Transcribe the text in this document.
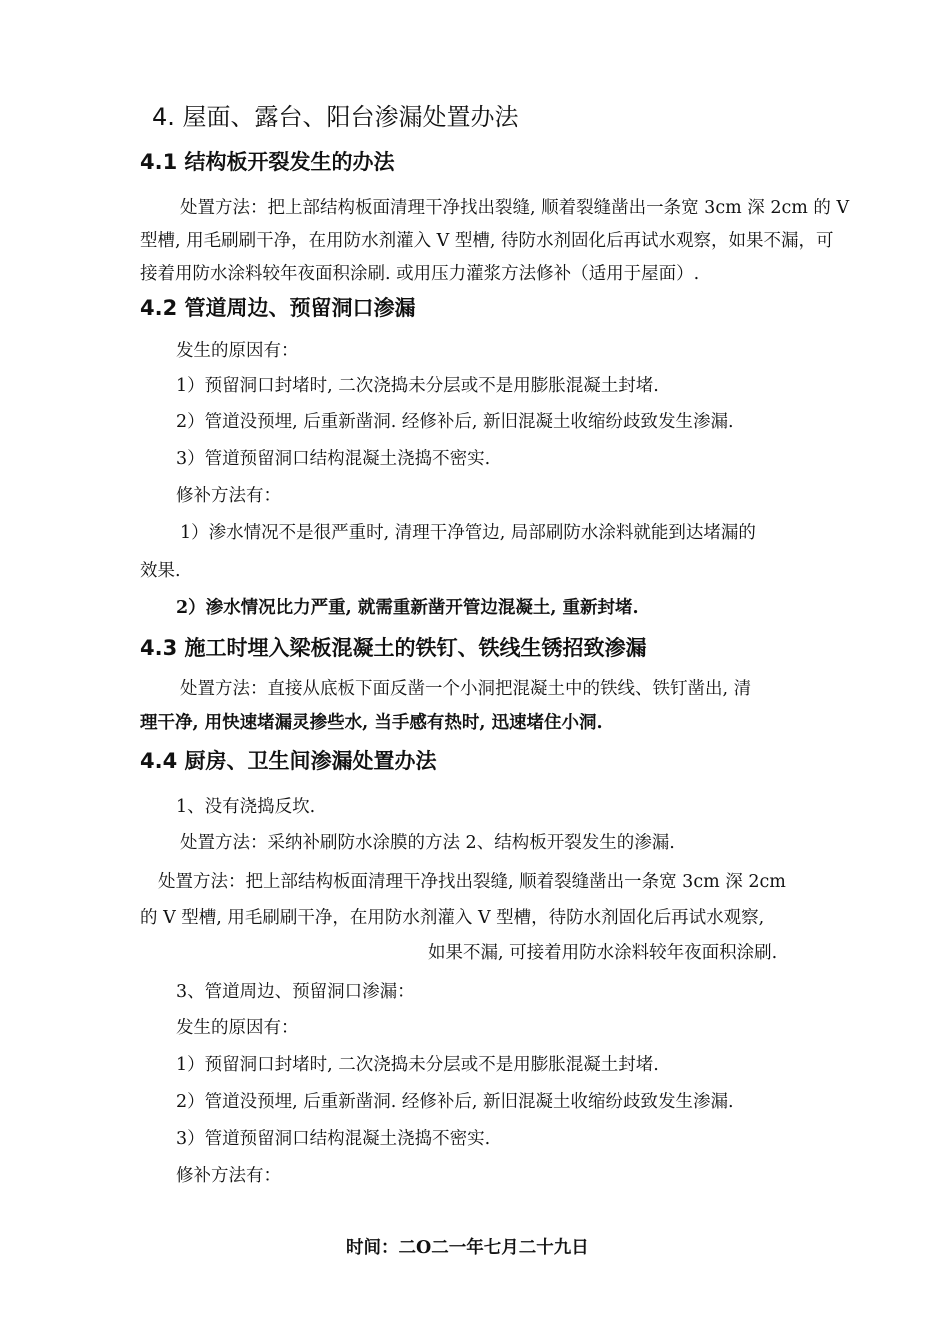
4. 屋面、露台、阳台渗漏处置办法
4.1 结构板开裂发生的办法
处置方法：把上部结构板面清理干净找出裂缝, 顺着裂缝凿出一条宽 3cm 深 2cm 的 V
型槽, 用毛刷刷干净，在用防水剂灌入 V 型槽, 待防水剂固化后再试水观察，如果不漏，可
接着用防水涂料较年夜面积涂刷. 或用压力灌浆方法修补（适用于屋面）.
4.2 管道周边、预留洞口渗漏
发生的原因有：
1）预留洞口封堵时, 二次浇捣未分层或不是用膨胀混凝土封堵.
2）管道没预埋, 后重新凿洞. 经修补后, 新旧混凝土收缩纷歧致发生渗漏.
3）管道预留洞口结构混凝土浇捣不密实.
修补方法有：
1）渗水情况不是很严重时, 清理干净管边, 局部刷防水涂料就能到达堵漏的
效果.
2）渗水情况比力严重, 就需重新凿开管边混凝土, 重新封堵.
4.3 施工时埋入梁板混凝土的铁钉、铁线生锈招致渗漏
处置方法：直接从底板下面反凿一个小洞把混凝土中的铁线、铁钉凿出, 清
理干净, 用快速堵漏灵掺些水, 当手感有热时, 迅速堵住小洞.
4.4 厨房、卫生间渗漏处置办法
1、没有浇捣反坎.
处置方法：采纳补刷防水涂膜的方法 2、结构板开裂发生的渗漏.
处置方法：把上部结构板面清理干净找出裂缝, 顺着裂缝凿出一条宽 3cm 深 2cm
的 V 型槽, 用毛刷刷干净，在用防水剂灌入 V 型槽，待防水剂固化后再试水观察,
如果不漏, 可接着用防水涂料较年夜面积涂刷.
3、管道周边、预留洞口渗漏：
发生的原因有：
1）预留洞口封堵时, 二次浇捣未分层或不是用膨胀混凝土封堵.
2）管道没预埋, 后重新凿洞. 经修补后, 新旧混凝土收缩纷歧致发生渗漏.
3）管道预留洞口结构混凝土浇捣不密实.
修补方法有：
时间：二O二一年七月二十九日
